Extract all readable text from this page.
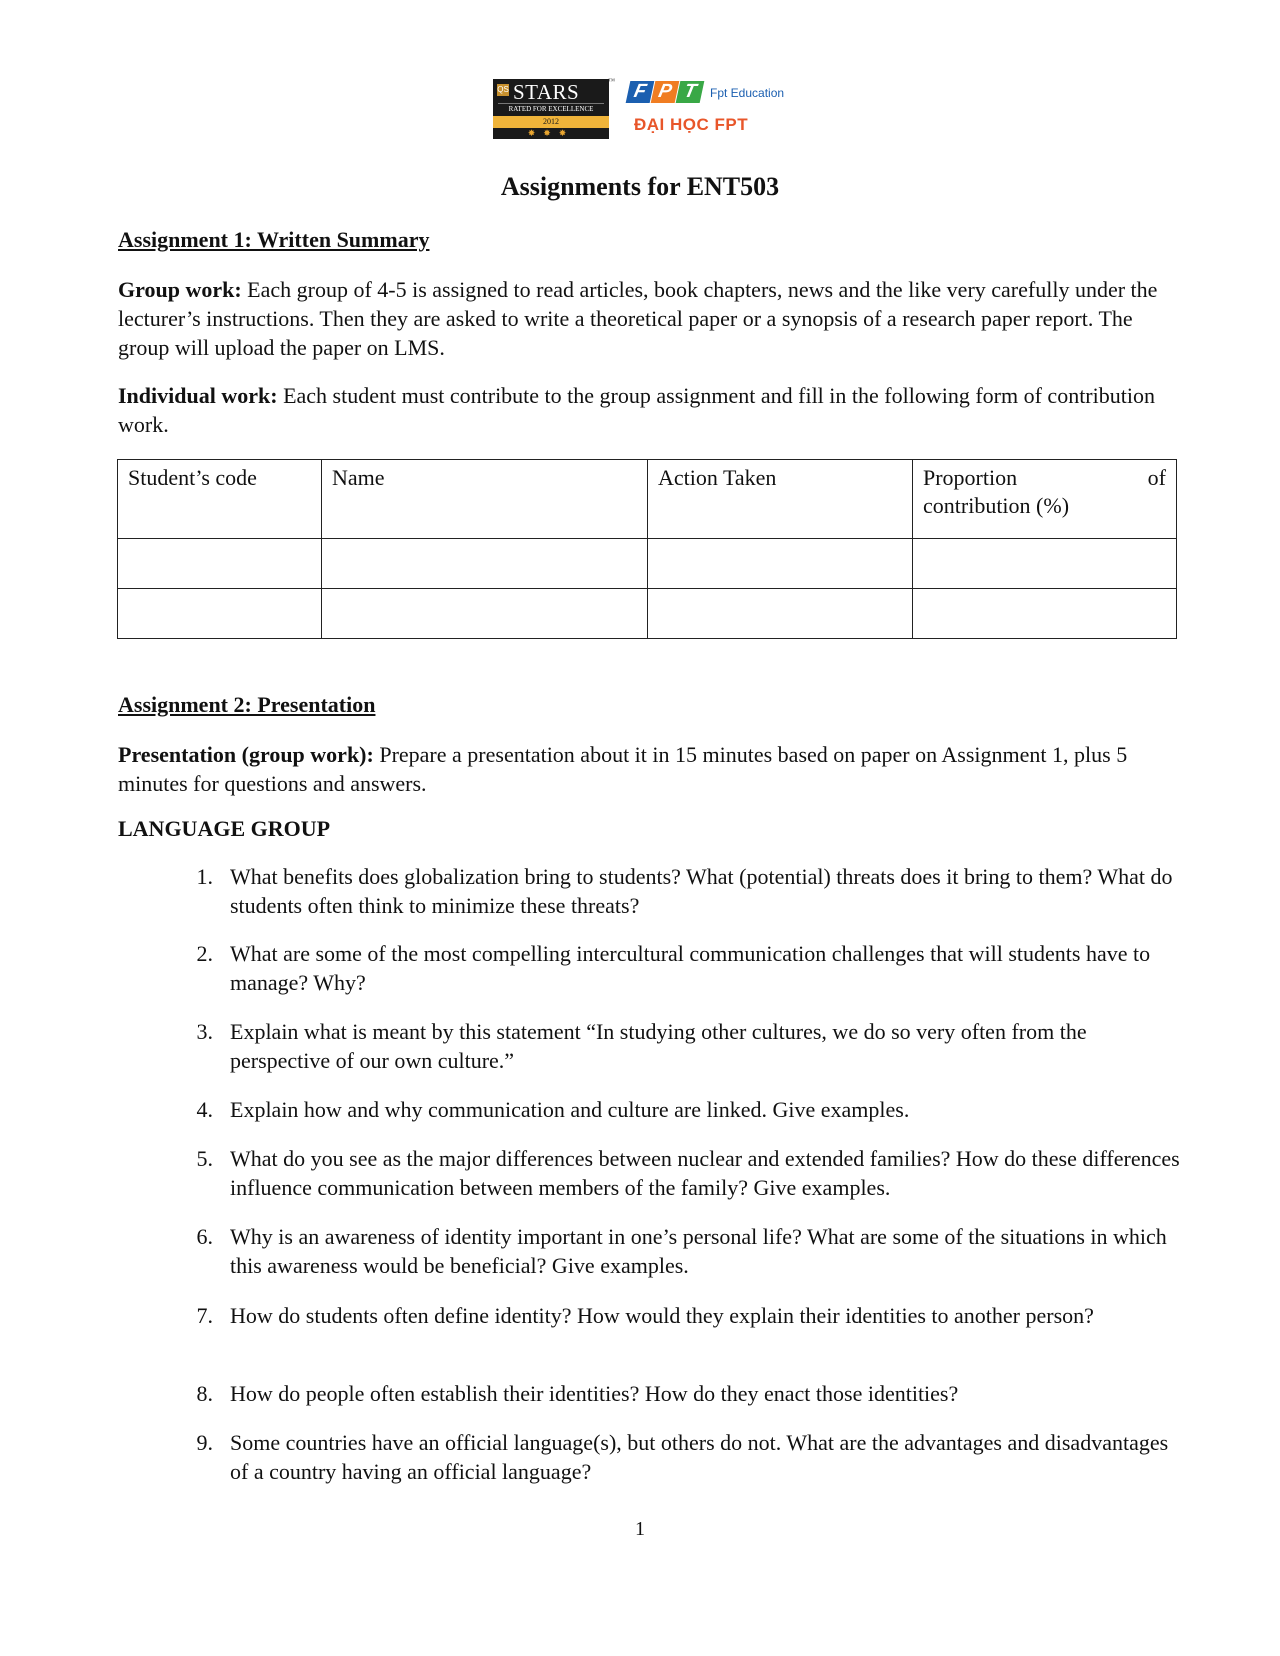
QS STARS	™
RATED FOR EXCELLENCE
2012
✸✸✸
F P T Fpt Education
ĐẠI HỌC FPT
Assignments for ENT503
Assignment 1: Written Summary
Group work: Each group of 4-5 is assigned to read articles, book chapters, news and the like very carefully under the lecturer’s instructions. Then they are asked to write a theoretical paper or a synopsis of a research paper report. The group will upload the paper on LMS.
Individual work: Each student must contribute to the group assignment and fill in the following form of contribution work.
Student’s code	Name	Action Taken	Proportion of
contribution (%)

Assignment 2: Presentation
Presentation (group work): Prepare a presentation about it in 15 minutes based on paper on Assignment 1, plus 5 minutes for questions and answers.
LANGUAGE GROUP
1. What benefits does globalization bring to students? What (potential) threats does it bring to them? What do students often think to minimize these threats?
2. What are some of the most compelling intercultural communication challenges that will students have to manage? Why?
3. Explain what is meant by this statement “In studying other cultures, we do so very often from the perspective of our own culture.”
4. Explain how and why communication and culture are linked. Give examples.
5. What do you see as the major differences between nuclear and extended families? How do these differences influence communication between members of the family? Give examples.
6. Why is an awareness of identity important in one’s personal life? What are some of the situations in which this awareness would be beneficial? Give examples.
7. How do students often define identity? How would they explain their identities to another person?
8. How do people often establish their identities? How do they enact those identities?
9. Some countries have an official language(s), but others do not. What are the advantages and disadvantages of a country having an official language?
1
